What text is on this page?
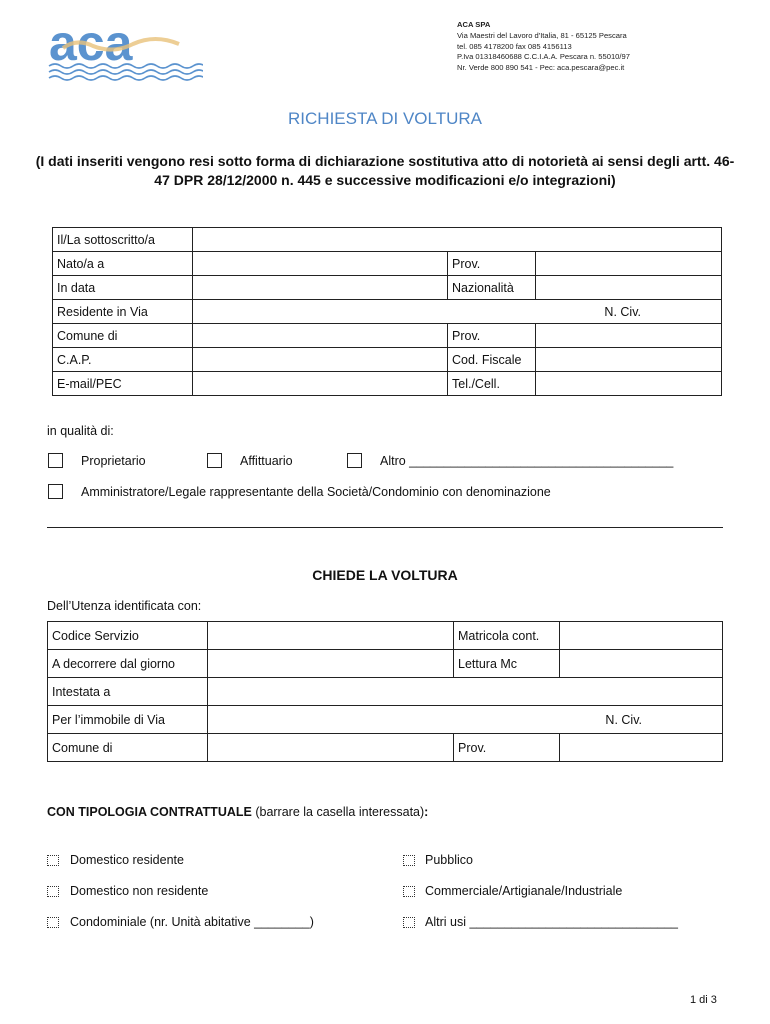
aca	ACA SPA
Via Maestri del Lavoro d'Italia, 81 - 65125 Pescara
tel. 085 4178200 fax 085 4156113
P.Iva 01318460688 C.C.I.A.A. Pescara n. 55010/97
Nr. Verde 800 890 541 - Pec: aca.pescara@pec.it
RICHIESTA DI VOLTURA
(I dati inseriti vengono resi sotto forma di dichiarazione sostitutiva atto di notorietà ai sensi degli artt. 46-47 DPR 28/12/2000 n. 445 e successive modificazioni e/o integrazioni)
Il/La sottoscritto/a			
Nato/a a		Prov.	
In data		Nazionalità	
Residente in Via	N. Civ.		
Comune di		Prov.	
C.A.P.		Cod. Fiscale	
E-mail/PEC		Tel./Cell.	
in qualità di:
Proprietario	Affittuario	Altro ______________________________________
Amministratore/Legale rappresentante della Società/Condominio con denominazione
CHIEDE LA VOLTURA
Dell’Utenza identificata con:
Codice Servizio		Matricola cont.	
A decorrere dal giorno		Lettura Mc	
Intestata a			
Per l’immobile di Via	N. Civ.		
Comune di		Prov.	
CON TIPOLOGIA CONTRATTUALE (barrare la casella interessata):
Domestico residente
Domestico non residente
Condominiale (nr. Unità abitative ________)
Pubblico
Commerciale/Artigianale/Industriale
Altri usi ______________________________
1 di 3
